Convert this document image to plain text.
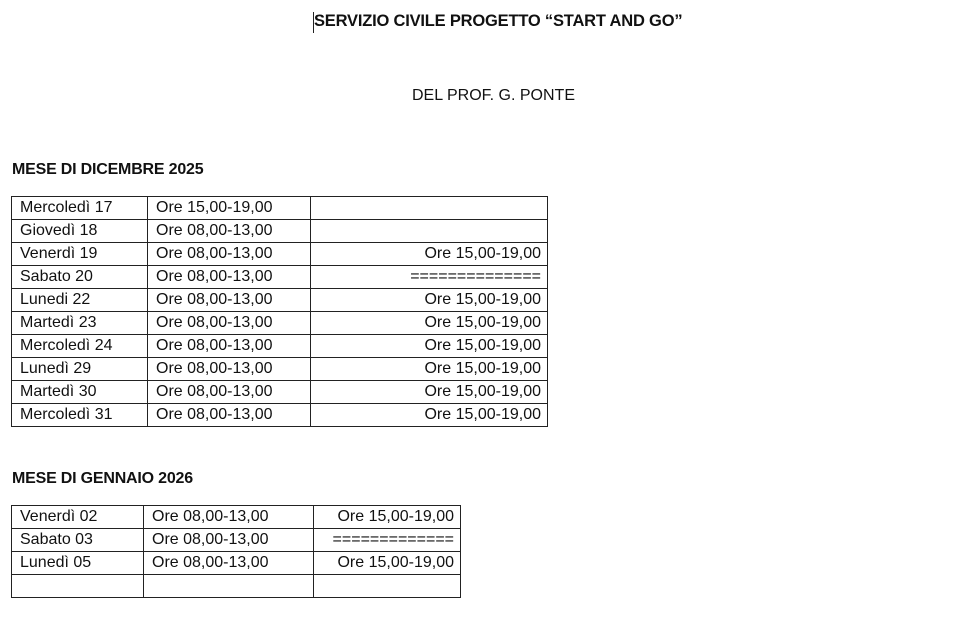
SERVIZIO CIVILE PROGETTO “START AND GO”
DEL PROF. G. PONTE
MESE DI DICEMBRE 2025
Mercoledì 17	Ore 15,00-19,00	
Giovedì 18	Ore 08,00-13,00	
Venerdì 19	Ore 08,00-13,00	Ore 15,00-19,00
Sabato 20	Ore 08,00-13,00	==============
Lunedi 22	Ore 08,00-13,00	Ore 15,00-19,00
Martedì 23	Ore 08,00-13,00	Ore 15,00-19,00
Mercoledì 24	Ore 08,00-13,00	Ore 15,00-19,00
Lunedì 29	Ore 08,00-13,00	Ore 15,00-19,00
Martedì 30	Ore 08,00-13,00	Ore 15,00-19,00
Mercoledì 31	Ore 08,00-13,00	Ore 15,00-19,00
MESE DI GENNAIO 2026
Venerdì 02	Ore 08,00-13,00	Ore 15,00-19,00
Sabato 03	Ore 08,00-13,00	=============
Lunedì 05	Ore 08,00-13,00	Ore 15,00-19,00
